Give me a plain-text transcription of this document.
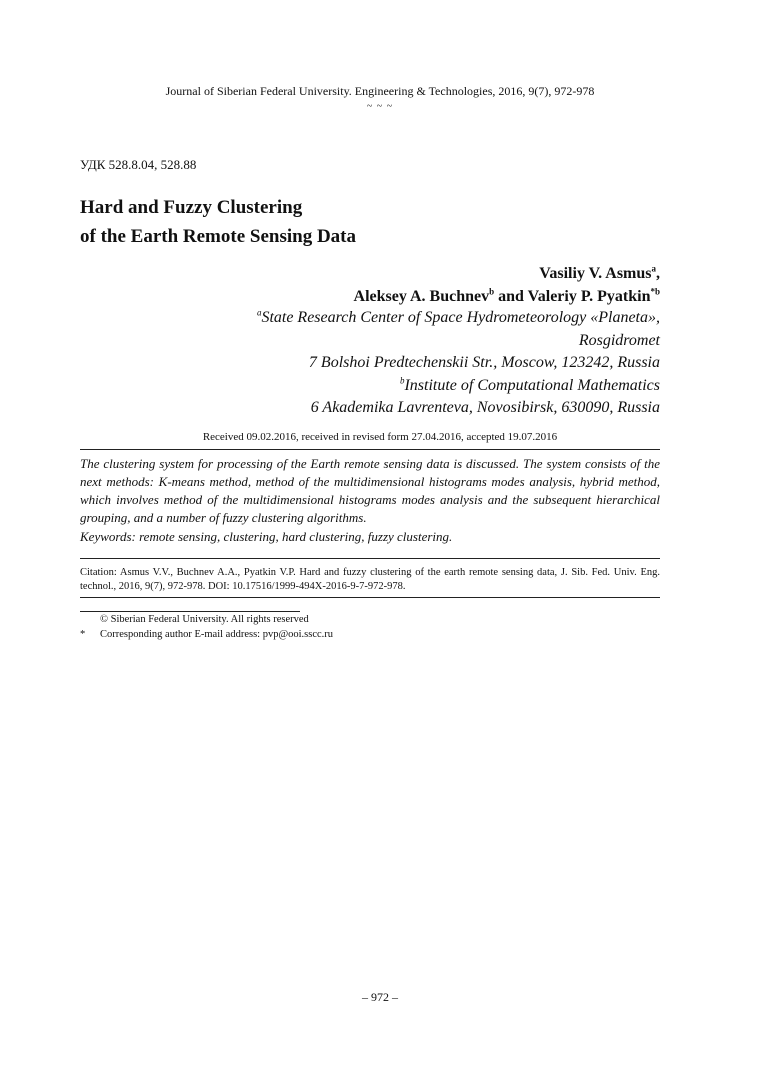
Journal of Siberian Federal University. Engineering & Technologies, 2016, 9(7), 972-978
~ ~ ~
УДК 528.8.04, 528.88
Hard and Fuzzy Clustering
of the Earth Remote Sensing Data
Vasiliy V. Asmus$^a$,
Aleksey A. Buchnev$^b$ and Valeriy P. Pyatkin$^{*b}$
$^a$State Research Center of Space Hydrometeorology «Planeta»,
Rosgidromet
7 Bolshoi Predtechenskii Str., Moscow, 123242, Russia
$^b$Institute of Computational Mathematics
6 Akademika Lavrenteva, Novosibirsk, 630090, Russia
Received 09.02.2016, received in revised form 27.04.2016, accepted 19.07.2016
The clustering system for processing of the Earth remote sensing data is discussed. The system consists of the next methods: K-means method, method of the multidimensional histograms modes analysis, hybrid method, which involves method of the multidimensional histograms modes analysis and the subsequent hierarchical grouping, and a number of fuzzy clustering algorithms.
Keywords: remote sensing, clustering, hard clustering, fuzzy clustering.
Citation: Asmus V.V., Buchnev A.A., Pyatkin V.P. Hard and fuzzy clustering of the earth remote sensing data, J. Sib. Fed. Univ. Eng. technol., 2016, 9(7), 972-978. DOI: 10.17516/1999-494X-2016-9-7-972-978.
© Siberian Federal University. All rights reserved
* Corresponding author E-mail address: pvp@ooi.sscc.ru
– 972 –
